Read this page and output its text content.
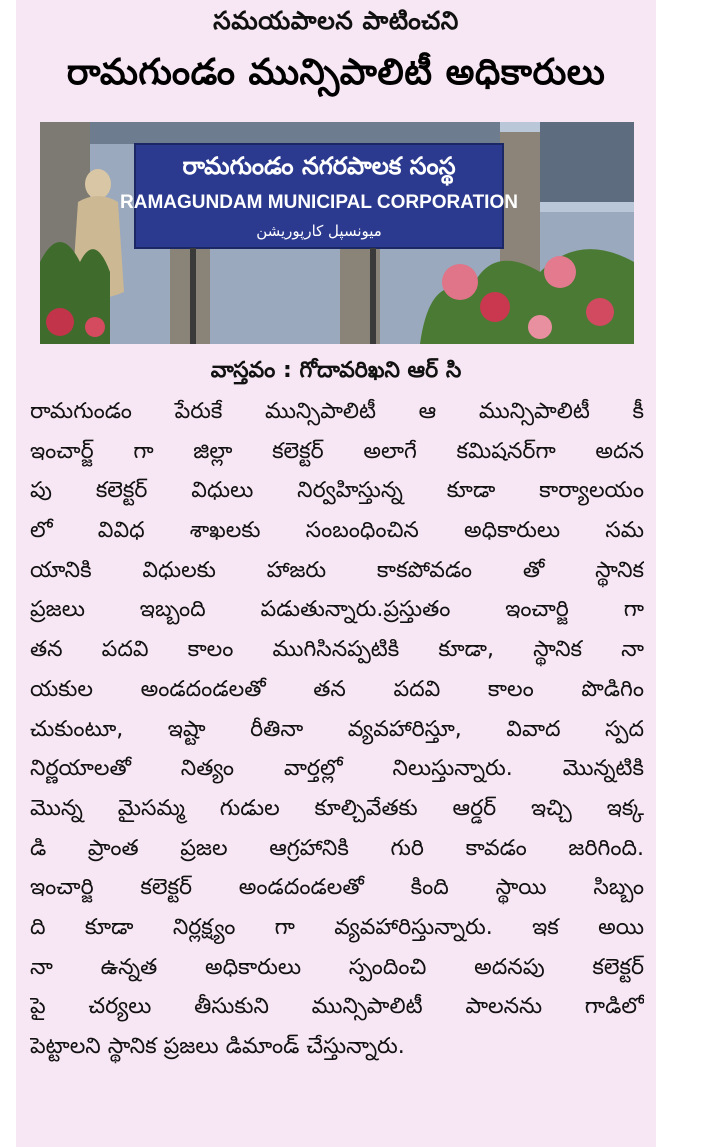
సమయపాలన పాటించని
రామగుండం మున్సిపాలిటీ అధికారులు
రామగుండం నగరపాలక సంస్థ
RAMAGUNDAM MUNICIPAL CORPORATION
میونسپل کارپوریشن
వాస్తవం : గోదావరిఖని ఆర్ సి
రామగుండం పేరుకే మున్సిపాలిటీ ఆ మున్సిపాలిటీ కీ
ఇంచార్జ్ గా జిల్లా కలెక్టర్ అలాగే కమిషనర్‌గా అదన
పు కలెక్టర్ విధులు నిర్వహిస్తున్న కూడా కార్యాలయం
లో వివిధ శాఖలకు సంబంధించిన అధికారులు సమ
యానికి విధులకు హాజరు కాకపోవడం తో స్థానిక
ప్రజలు ఇబ్బంది పడుతున్నారు.ప్రస్తుతం ఇంచార్జి గా
తన పదవి కాలం ముగిసినప్పటికి కూడా, స్థానిక నా
యకుల అండదండలతో తన పదవి కాలం పొడిగిం
చుకుంటూ, ఇష్టా రీతినా వ్యవహారిస్తూ, వివాద స్పద
నిర్ణయాలతో నిత్యం వార్తల్లో నిలుస్తున్నారు. మొన్నటికి
మొన్న మైసమ్మ గుడుల కూల్చివేతకు ఆర్డర్ ఇచ్చి ఇక్క
డి ప్రాంత ప్రజల ఆగ్రహానికి గురి కావడం జరిగింది.
ఇంచార్జి కలెక్టర్ అండదండలతో కింది స్థాయి సిబ్బం
ది కూడా నిర్లక్ష్యం గా వ్యవహారిస్తున్నారు. ఇక అయి
నా ఉన్నత అధికారులు స్పందించి అదనపు కలెక్టర్
పై చర్యలు తీసుకుని మున్సిపాలిటీ పాలనను గాడిలో
పెట్టాలని స్థానిక ప్రజలు డిమాండ్ చేస్తున్నారు.
